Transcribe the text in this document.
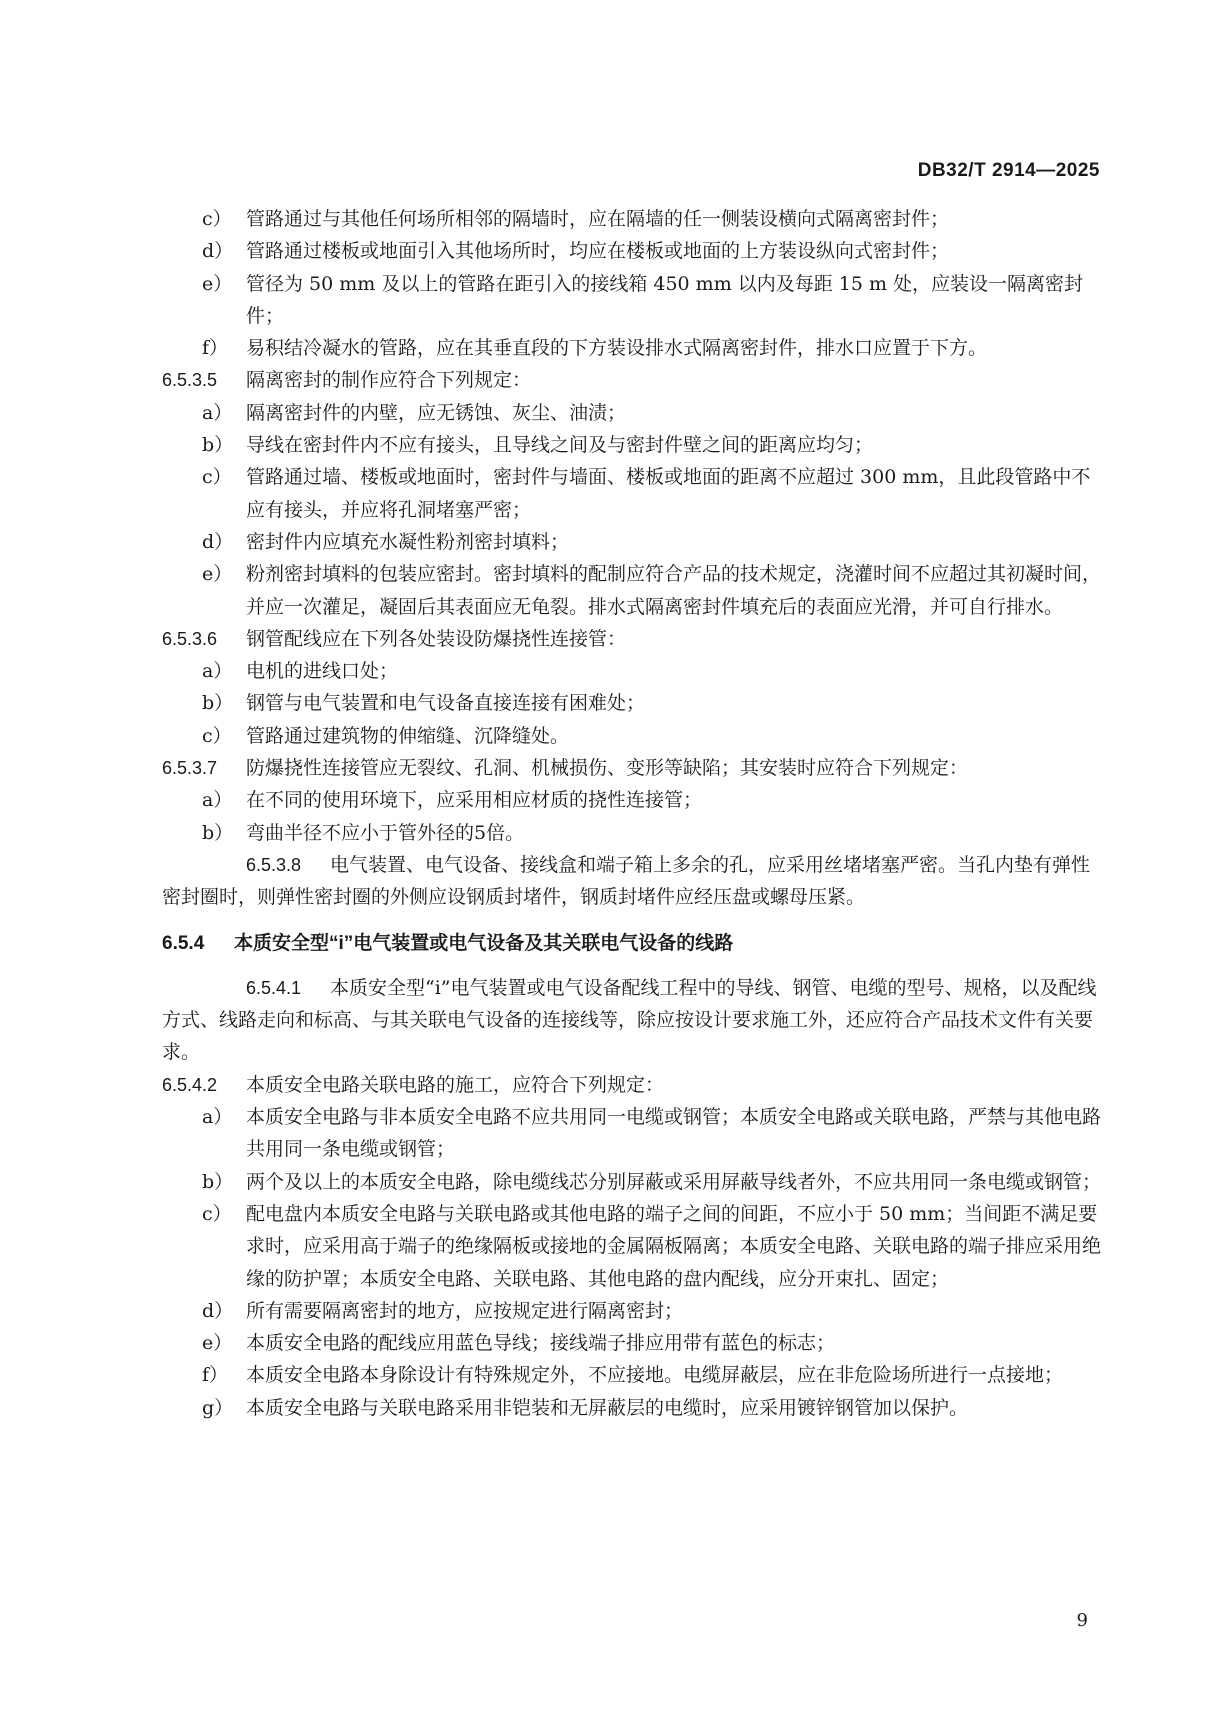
DB32/T 2914—2025
c） 管路通过与其他任何场所相邻的隔墙时，应在隔墙的任一侧装设横向式隔离密封件；
d） 管路通过楼板或地面引入其他场所时，均应在楼板或地面的上方装设纵向式密封件；
e） 管径为 50 mm 及以上的管路在距引入的接线箱 450 mm 以内及每距 15 m 处，应装设一隔离密封件；
f） 易积结冷凝水的管路，应在其垂直段的下方装设排水式隔离密封件，排水口应置于下方。
6.5.3.5 隔离密封的制作应符合下列规定：
a） 隔离密封件的内壁，应无锈蚀、灰尘、油渍；
b） 导线在密封件内不应有接头，且导线之间及与密封件壁之间的距离应均匀；
c） 管路通过墙、楼板或地面时，密封件与墙面、楼板或地面的距离不应超过 300 mm，且此段管路中不应有接头，并应将孔洞堵塞严密；
d） 密封件内应填充水凝性粉剂密封填料；
e） 粉剂密封填料的包装应密封。密封填料的配制应符合产品的技术规定，浇灌时间不应超过其初凝时间，并应一次灌足，凝固后其表面应无龟裂。排水式隔离密封件填充后的表面应光滑，并可自行排水。
6.5.3.6 钢管配线应在下列各处装设防爆挠性连接管：
a） 电机的进线口处；
b） 钢管与电气装置和电气设备直接连接有困难处；
c） 管路通过建筑物的伸缩缝、沉降缝处。
6.5.3.7 防爆挠性连接管应无裂纹、孔洞、机械损伤、变形等缺陷；其安装时应符合下列规定：
a） 在不同的使用环境下，应采用相应材质的挠性连接管；
b） 弯曲半径不应小于管外径的5倍。
6.5.3.8 电气装置、电气设备、接线盒和端子箱上多余的孔，应采用丝堵堵塞严密。当孔内垫有弹性密封圈时，则弹性密封圈的外侧应设钢质封堵件，钢质封堵件应经压盘或螺母压紧。
6.5.4 本质安全型“i”电气装置或电气设备及其关联电气设备的线路
6.5.4.1 本质安全型“i”电气装置或电气设备配线工程中的导线、钢管、电缆的型号、规格，以及配线方式、线路走向和标高、与其关联电气设备的连接线等，除应按设计要求施工外，还应符合产品技术文件有关要求。
6.5.4.2 本质安全电路关联电路的施工，应符合下列规定：
a） 本质安全电路与非本质安全电路不应共用同一电缆或钢管；本质安全电路或关联电路，严禁与其他电路共用同一条电缆或钢管；
b） 两个及以上的本质安全电路，除电缆线芯分别屏蔽或采用屏蔽导线者外，不应共用同一条电缆或钢管；
c） 配电盘内本质安全电路与关联电路或其他电路的端子之间的间距，不应小于 50 mm；当间距不满足要求时，应采用高于端子的绝缘隔板或接地的金属隔板隔离；本质安全电路、关联电路的端子排应采用绝缘的防护罩；本质安全电路、关联电路、其他电路的盘内配线，应分开束扎、固定；
d） 所有需要隔离密封的地方，应按规定进行隔离密封；
e） 本质安全电路的配线应用蓝色导线；接线端子排应用带有蓝色的标志；
f） 本质安全电路本身除设计有特殊规定外，不应接地。电缆屏蔽层，应在非危险场所进行一点接地；
g） 本质安全电路与关联电路采用非铠装和无屏蔽层的电缆时，应采用镀锌钢管加以保护。
9
